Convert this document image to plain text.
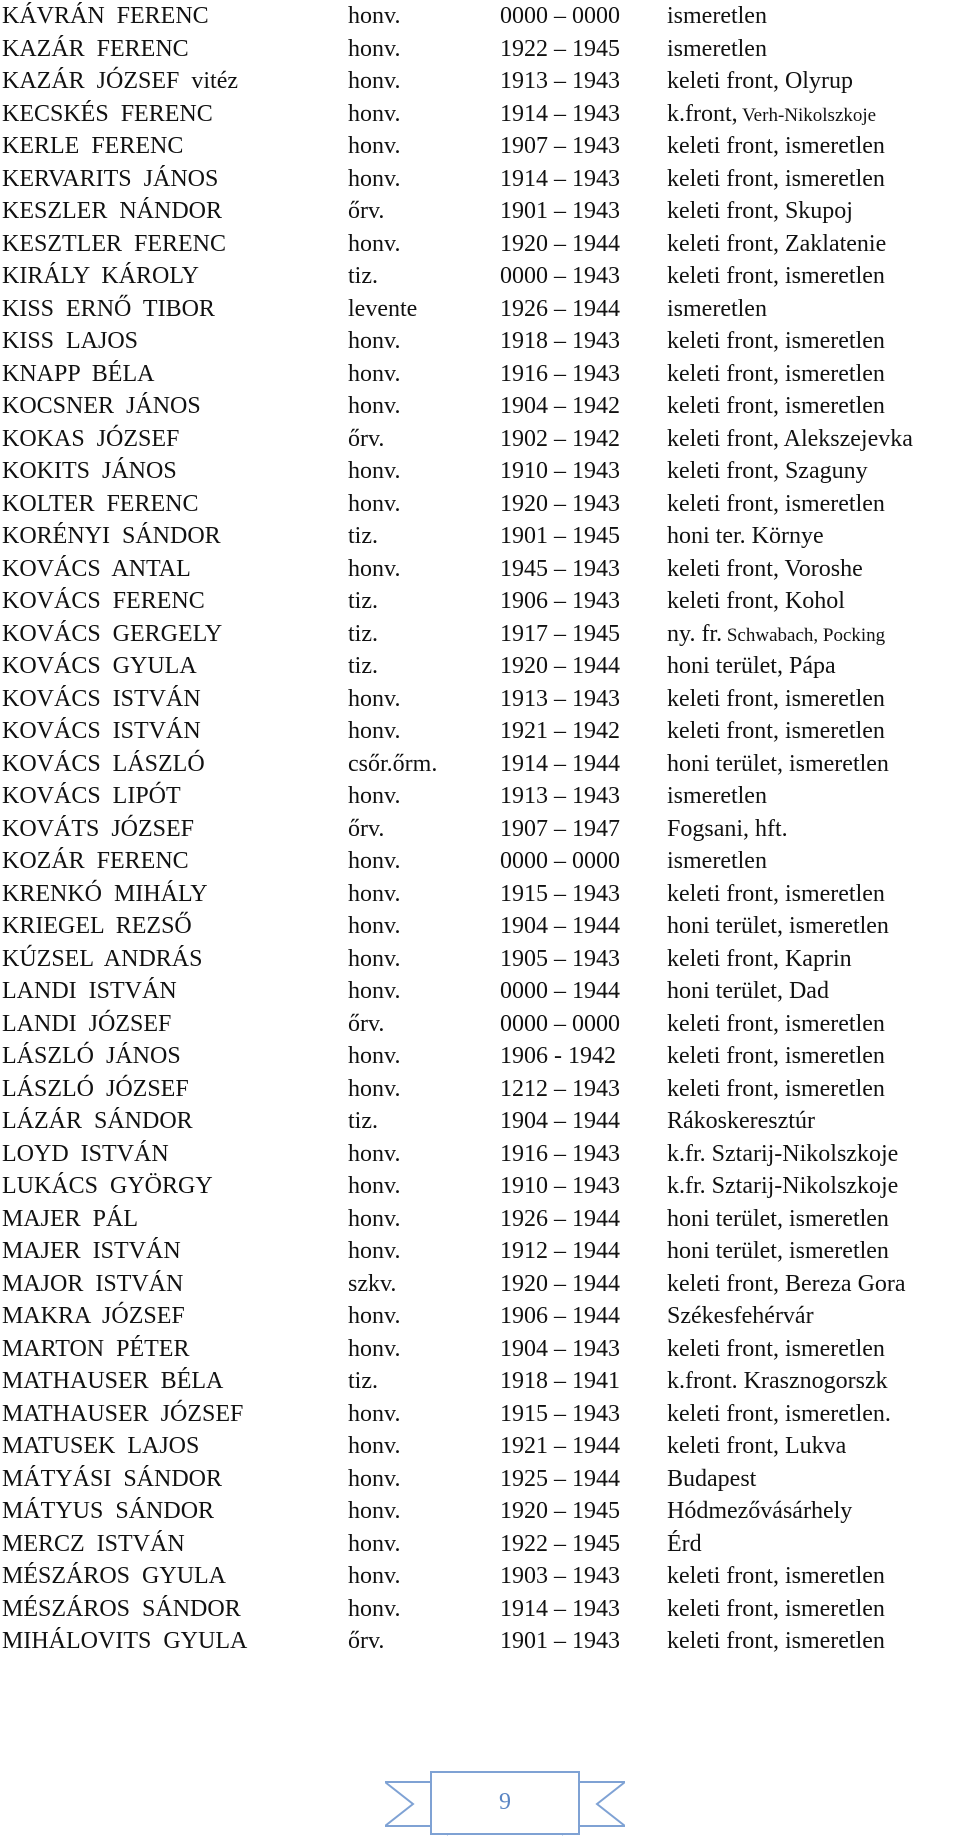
KÁVRÁN FERENC	honv.	0000 – 0000 ismeretlen
KAZÁR FERENC	honv.	1922 – 1945 ismeretlen
KAZÁR JÓZSEF vitéz	honv.	1913 – 1943 keleti front, Olyrup
KECSKÉS FERENC	honv.	1914 – 1943 k.front, Verh-Nikolszkoje
KERLE FERENC	honv.	1907 – 1943 keleti front, ismeretlen
KERVARITS JÁNOS	honv.	1914 – 1943 keleti front, ismeretlen
KESZLER NÁNDOR	őrv.	1901 – 1943 keleti front, Skupoj
KESZTLER FERENC	honv.	1920 – 1944 keleti front, Zaklatenie
KIRÁLY KÁROLY	tiz.	0000 – 1943 keleti front, ismeretlen
KISS ERNŐ TIBOR	levente	1926 – 1944 ismeretlen
KISS LAJOS	honv.	1918 – 1943 keleti front, ismeretlen
KNAPP BÉLA	honv.	1916 – 1943 keleti front, ismeretlen
KOCSNER JÁNOS	honv.	1904 – 1942 keleti front, ismeretlen
KOKAS JÓZSEF	őrv.	1902 – 1942 keleti front, Alekszejevka
KOKITS JÁNOS	honv.	1910 – 1943 keleti front, Szaguny
KOLTER FERENC	honv.	1920 – 1943 keleti front, ismeretlen
KORÉNYI SÁNDOR	tiz.	1901 – 1945 honi ter. Környe
KOVÁCS ANTAL	honv.	1945 – 1943 keleti front, Voroshe
KOVÁCS FERENC	tiz.	1906 – 1943 keleti front, Kohol
KOVÁCS GERGELY	tiz.	1917 – 1945 ny. fr. Schwabach, Pocking
KOVÁCS GYULA	tiz.	1920 – 1944 honi terület, Pápa
KOVÁCS ISTVÁN	honv.	1913 – 1943 keleti front, ismeretlen
KOVÁCS ISTVÁN	honv.	1921 – 1942 keleti front, ismeretlen
KOVÁCS LÁSZLÓ	csőr.őrm.	1914 – 1944 honi terület, ismeretlen
KOVÁCS LIPÓT	honv.	1913 – 1943 ismeretlen
KOVÁTS JÓZSEF	őrv.	1907 – 1947 Fogsani, hft.
KOZÁR FERENC	honv.	0000 – 0000 ismeretlen
KRENKÓ MIHÁLY	honv.	1915 – 1943 keleti front, ismeretlen
KRIEGEL REZSŐ	honv.	1904 – 1944 honi terület, ismeretlen
KÚZSEL ANDRÁS	honv.	1905 – 1943 keleti front, Kaprin
LANDI ISTVÁN	honv.	0000 – 1944 honi terület, Dad
LANDI JÓZSEF	őrv.	0000 – 0000 keleti front, ismeretlen
LÁSZLÓ JÁNOS	honv.	1906 - 1942 keleti front, ismeretlen
LÁSZLÓ JÓZSEF	honv.	1212 – 1943 keleti front, ismeretlen
LÁZÁR SÁNDOR	tiz.	1904 – 1944 Rákoskeresztúr
LOYD ISTVÁN	honv.	1916 – 1943 k.fr. Sztarij-Nikolszkoje
LUKÁCS GYÖRGY	honv.	1910 – 1943 k.fr. Sztarij-Nikolszkoje
MAJER PÁL	honv.	1926 – 1944 honi terület, ismeretlen
MAJER ISTVÁN	honv.	1912 – 1944 honi terület, ismeretlen
MAJOR ISTVÁN	szkv.	1920 – 1944 keleti front, Bereza Gora
MAKRA JÓZSEF	honv.	1906 – 1944 Székesfehérvár
MARTON PÉTER	honv.	1904 – 1943 keleti front, ismeretlen
MATHAUSER BÉLA	tiz.	1918 – 1941 k.front. Krasznogorszk
MATHAUSER JÓZSEF	honv.	1915 – 1943 keleti front, ismeretlen.
MATUSEK LAJOS	honv.	1921 – 1944 keleti front, Lukva
MÁTYÁSI SÁNDOR	honv.	1925 – 1944 Budapest
MÁTYUS SÁNDOR	honv.	1920 – 1945 Hódmezővásárhely
MERCZ ISTVÁN	honv.	1922 – 1945 Érd
MÉSZÁROS GYULA	honv.	1903 – 1943 keleti front, ismeretlen
MÉSZÁROS SÁNDOR	honv.	1914 – 1943 keleti front, ismeretlen
MIHÁLOVITS GYULA	őrv.	1901 – 1943 keleti front, ismeretlen
9
